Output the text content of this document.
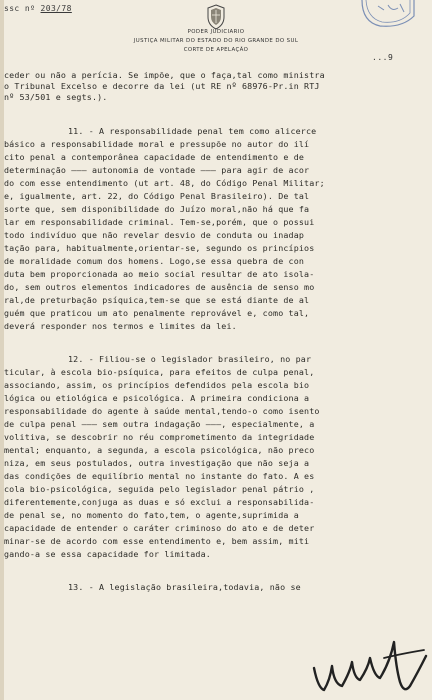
ssc nº 203/78
PODER JUDICIARIO
JUSTIÇA MILITAR DO ESTADO DO RIO GRANDE DO SUL
CORTE DE APELAÇÃO
...9
ceder ou não a perícia. Se impõe, que o faça,tal como ministra
o Tribunal Excelso e decorre da lei (ut RE nº 68976-Pr.in RTJ
nº 53/501 e segts.).
11. - A responsabilidade penal tem como alicerce
básico a responsabilidade moral e pressupõe no autor do ilí
cito penal a contemporânea capacidade de entendimento e de
determinação ——— autonomia de vontade ——— para agir de acor
do com esse entendimento (ut art. 48, do Código Penal Militar;
e, igualmente, art. 22, do Código Penal Brasileiro). De tal
sorte que, sem disponibilidade do Juízo moral,não há que fa
lar em responsabilidade criminal. Tem-se,porém, que o possui
todo indivíduo que não revelar desvio de conduta ou inadap
tação para, habitualmente,orientar-se, segundo os princípios
de moralidade comum dos homens. Logo,se essa quebra de con
duta bem proporcionada ao meio social resultar de ato isola-
do, sem outros elementos indicadores de ausência de senso mo
ral,de preturbação psíquica,tem-se que se está diante de al
guém que praticou um ato penalmente reprovável e, como tal,
deverá responder nos termos e limites da lei.
12. - Filiou-se o legislador brasileiro, no par
ticular, à escola bio-psíquica, para efeitos de culpa penal,
associando, assim, os princípios defendidos pela escola bio
lógica ou etiológica e psicológica. A primeira condiciona a
responsabilidade do agente à saúde mental,tendo-o como isento
de culpa penal ——— sem outra indagação ———, especialmente, a
volitiva, se descobrir no réu comprometimento da integridade
mental; enquanto, a segunda, a escola psicológica, não preco
niza, em seus postulados, outra investigação que não seja a
das condições de equilíbrio mental no instante do fato. A es
cola bio-psicológica, seguida pelo legislador penal pátrio ,
diferentemente,conjuga as duas e só exclui a responsabilida-
de penal se, no momento do fato,tem, o agente,suprimida a
capacidade de entender o caráter criminoso do ato e de deter
minar-se de acordo com esse entendimento e, bem assim, miti
gando-a se essa capacidade for limitada.
13. - A legislação brasileira,todavia, não se
